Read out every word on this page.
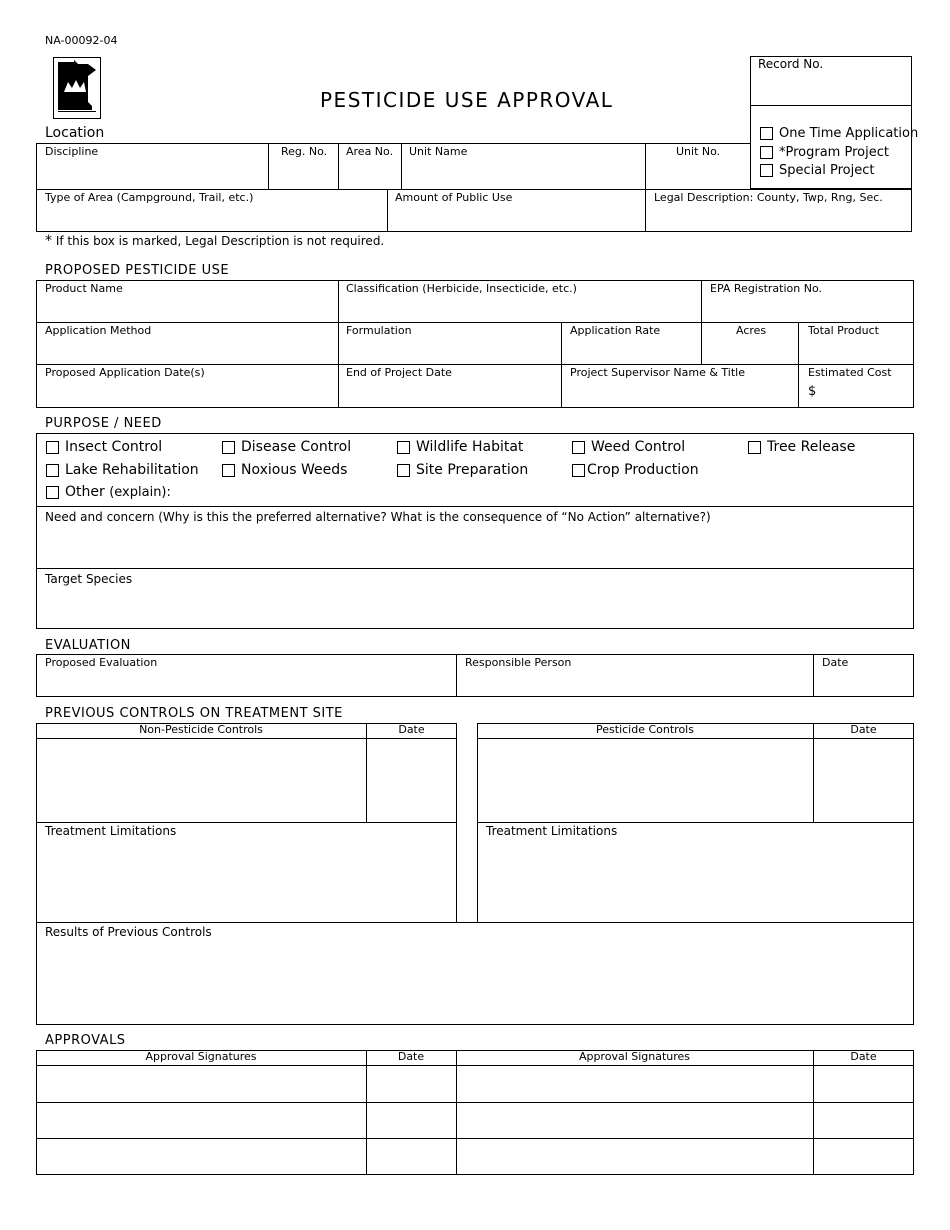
NA-00092-04
PESTICIDE USE APPROVAL
Record No.
One Time Application
*Program Project
Special Project
Location
Discipline	Reg. No. Area No. Unit Name	Unit No.
Type of Area (Campground, Trail, etc.)	Amount of Public Use	Legal Description: County, Twp, Rng, Sec.
* If this box is marked, Legal Description is not required.
PROPOSED PESTICIDE USE
Product Name	Classification (Herbicide, Insecticide, etc.)	EPA Registration No.
Application Method	Formulation	Application Rate	Acres	Total Product
Proposed Application Date(s)	End of Project Date	Project Supervisor Name & Title	Estimated Cost
$
PURPOSE / NEED
Insect Control	Disease Control	Wildlife Habitat	Weed Control	Tree Release
Lake Rehabilitation	Noxious Weeds	Site Preparation	Crop Production
Other
(explain):
Need and concern (Why is this the preferred alternative? What is the consequence of “No Action” alternative?)
Target Species
EVALUATION
Proposed Evaluation	Responsible Person	Date
PREVIOUS CONTROLS ON TREATMENT SITE
Non-Pesticide Controls	Date
Treatment Limitations
Pesticide Controls	Date
Treatment Limitations
Results of Previous Controls
APPROVALS
Approval Signatures	Date	Approval Signatures	Date
